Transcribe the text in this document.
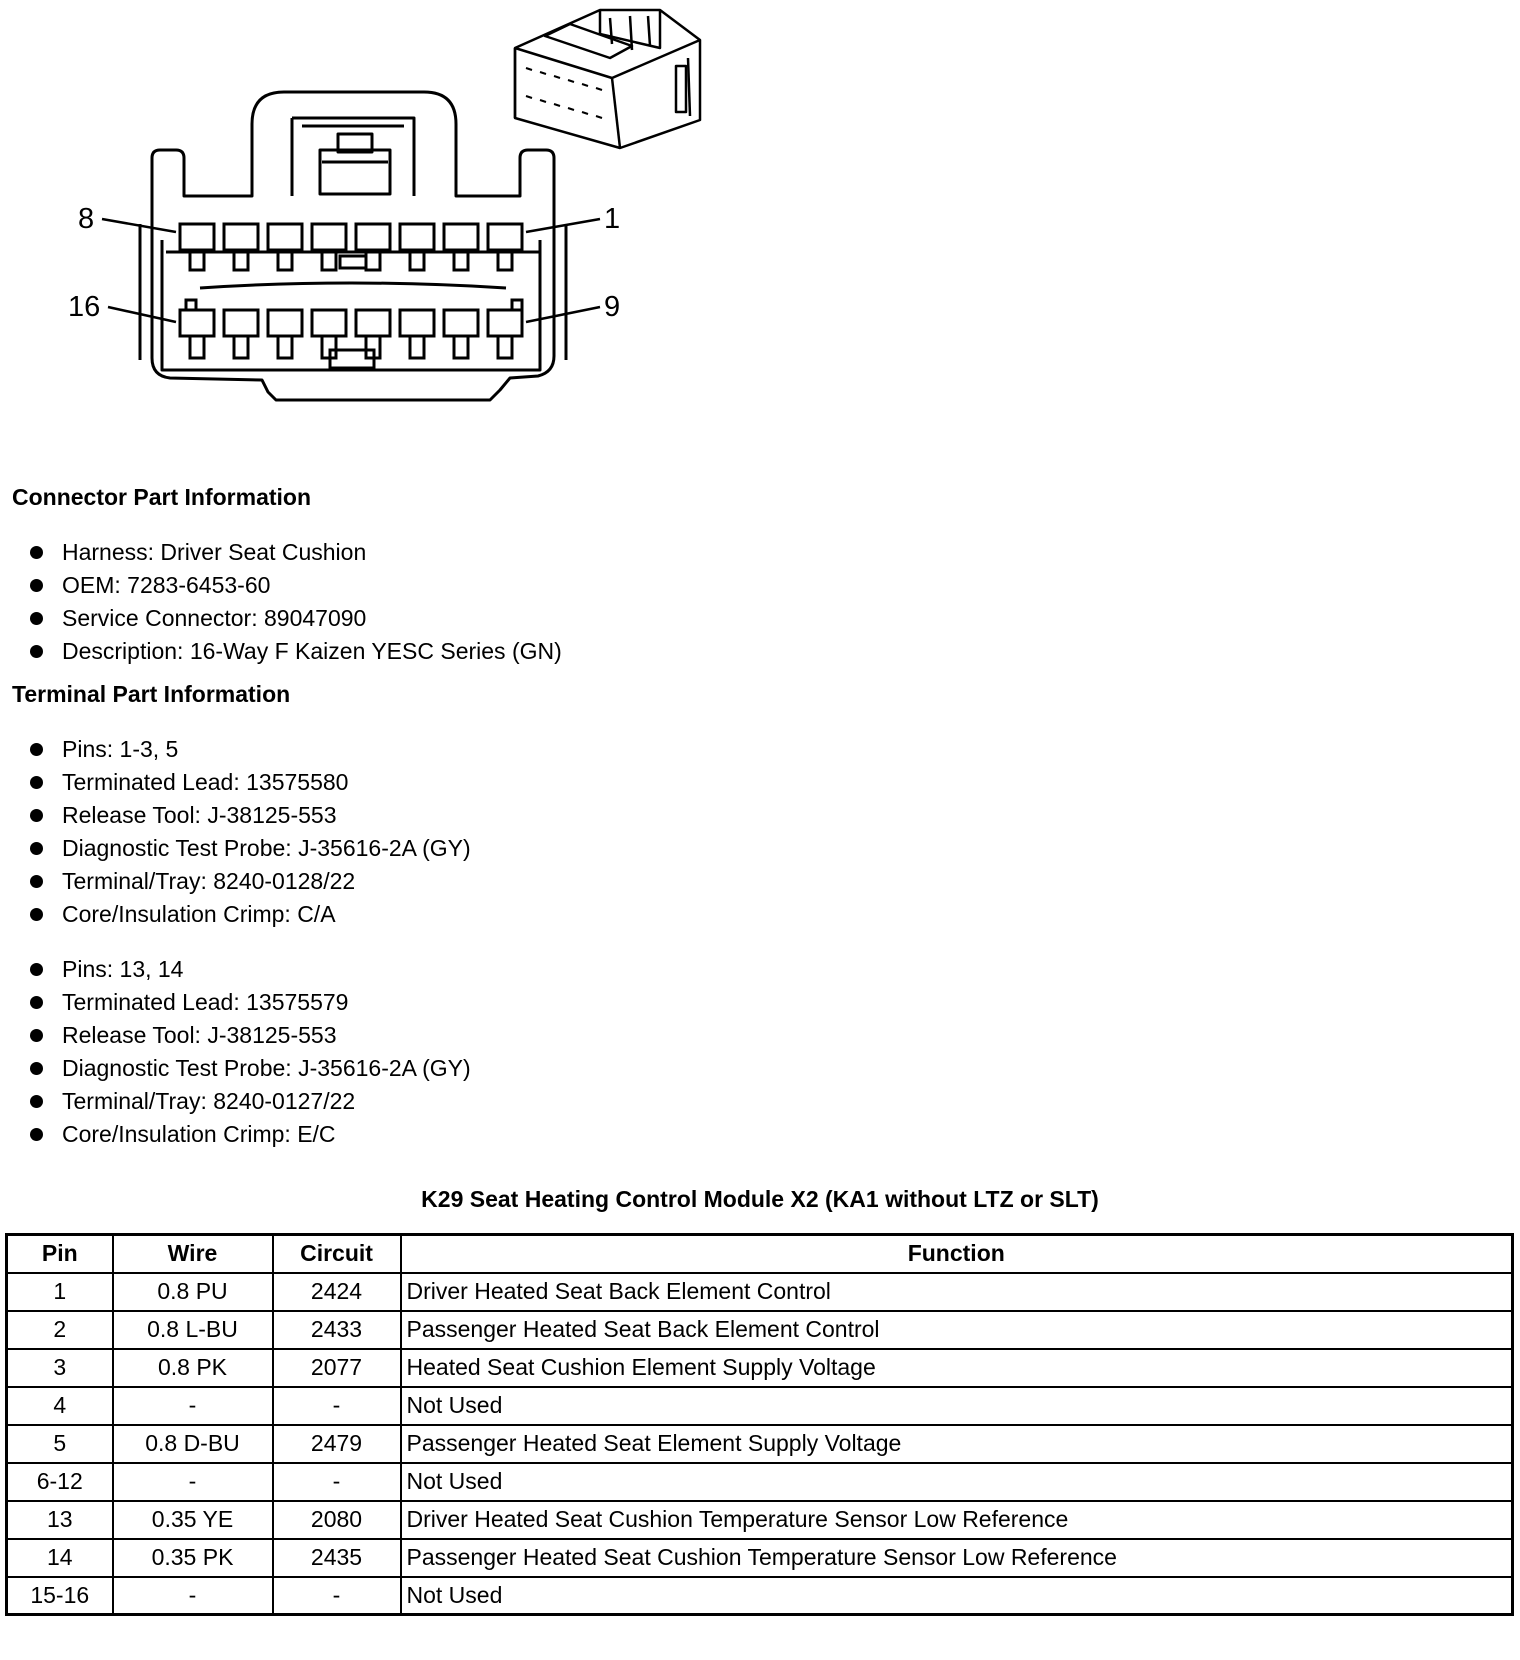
8	1
16	9
Connector Part Information
Harness: Driver Seat Cushion
OEM: 7283-6453-60
Service Connector: 89047090
Description: 16-Way F Kaizen YESC Series (GN)
Terminal Part Information
Pins: 1-3, 5
Terminated Lead: 13575580
Release Tool: J-38125-553
Diagnostic Test Probe: J-35616-2A (GY)
Terminal/Tray: 8240-0128/22
Core/Insulation Crimp: C/A
Pins: 13, 14
Terminated Lead: 13575579
Release Tool: J-38125-553
Diagnostic Test Probe: J-35616-2A (GY)
Terminal/Tray: 8240-0127/22
Core/Insulation Crimp: E/C
K29 Seat Heating Control Module X2 (KA1 without LTZ or SLT)
Pin	Wire	Circuit	Function
1	0.8 PU	2424	Driver Heated Seat Back Element Control
2	0.8 L-BU	2433	Passenger Heated Seat Back Element Control
3	0.8 PK	2077	Heated Seat Cushion Element Supply Voltage
4	-	-	Not Used
5	0.8 D-BU	2479	Passenger Heated Seat Element Supply Voltage
6-12	-	-	Not Used
13	0.35 YE	2080	Driver Heated Seat Cushion Temperature Sensor Low Reference
14	0.35 PK	2435	Passenger Heated Seat Cushion Temperature Sensor Low Reference
15-16	-	-	Not Used
